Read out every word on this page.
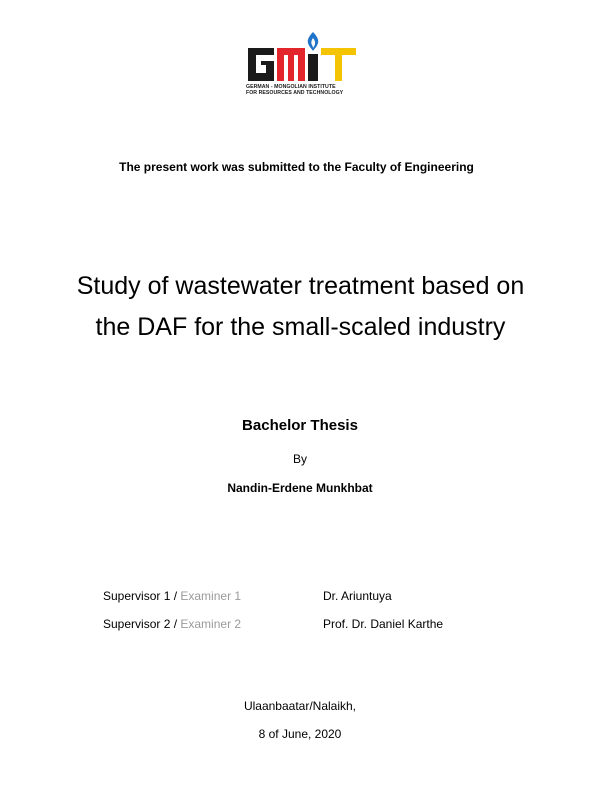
GERMAN - MONGOLIAN INSTITUTE
FOR RESOURCES AND TECHNOLOGY
The present work was submitted to the Faculty of Engineering
Study of wastewater treatment based on
the DAF for the small-scaled industry
Bachelor Thesis
By
Nandin-Erdene Munkhbat
Supervisor 1 / Examiner 1	Dr. Ariuntuya
Supervisor 2 / Examiner 2	Prof. Dr. Daniel Karthe
Ulaanbaatar/Nalaikh,
8 of June, 2020
